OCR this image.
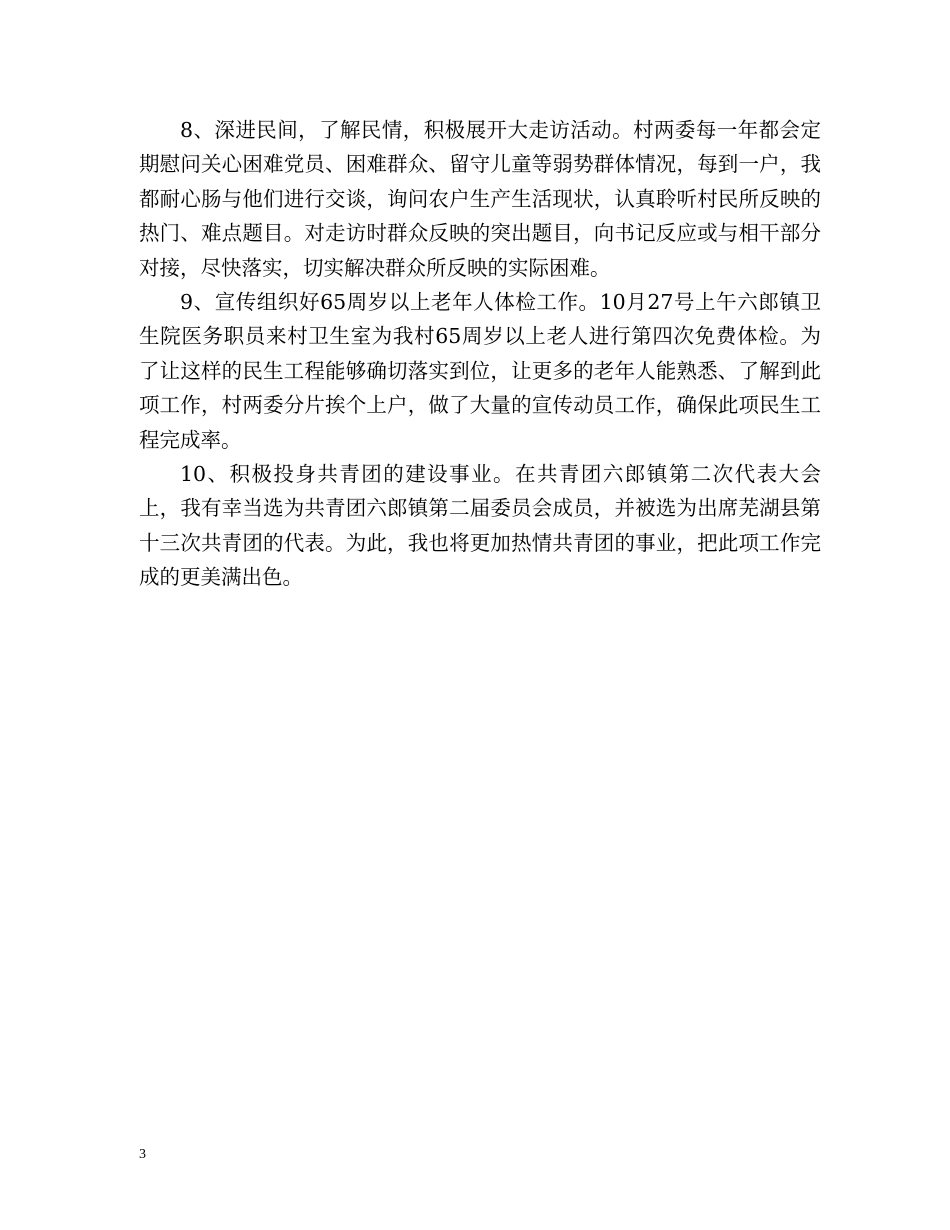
8、深进民间，了解民情，积极展开大走访活动。村两委每一年都会定期慰问关心困难党员、困难群众、留守儿童等弱势群体情况，每到一户，我都耐心肠与他们进行交谈，询问农户生产生活现状，认真聆听村民所反映的热门、难点题目。对走访时群众反映的突出题目，向书记反应或与相干部分对接，尽快落实，切实解决群众所反映的实际困难。

9、宣传组织好65周岁以上老年人体检工作。10月27号上午六郎镇卫生院医务职员来村卫生室为我村65周岁以上老人进行第四次免费体检。为了让这样的民生工程能够确切落实到位，让更多的老年人能熟悉、了解到此项工作，村两委分片挨个上户，做了大量的宣传动员工作，确保此项民生工程完成率。

10、积极投身共青团的建设事业。在共青团六郎镇第二次代表大会上，我有幸当选为共青团六郎镇第二届委员会成员，并被选为出席芜湖县第十三次共青团的代表。为此，我也将更加热情共青团的事业，把此项工作完成的更美满出色。

3
